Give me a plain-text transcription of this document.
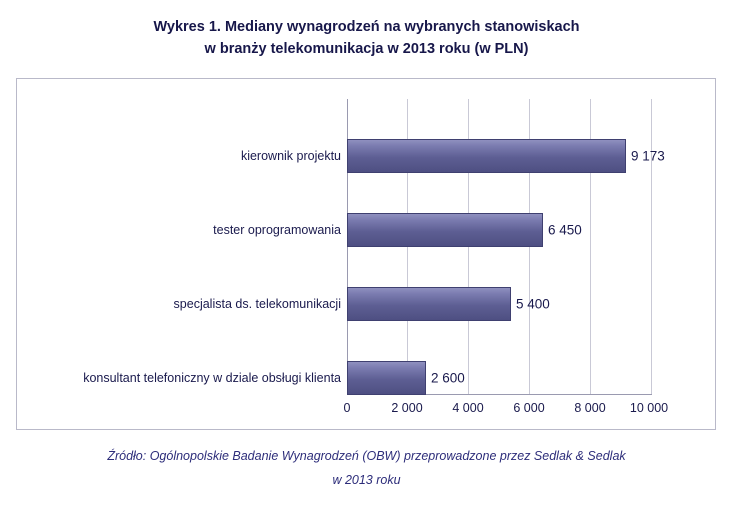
Wykres 1. Mediany wynagrodzeń na wybranych stanowiskach
w branży telekomunikacja w 2013 roku (w PLN)
kierownik projektu
tester oprogramowania
specjalista ds. telekomunikacji
konsultant telefoniczny w dziale obsługi klienta
9 173
6 450
5 400
2 600
0	2 000 4 000 6 000 8 000 10 000
Źródło: Ogólnopolskie Badanie Wynagrodzeń (OBW) przeprowadzone przez Sedlak & Sedlak
w 2013 roku
